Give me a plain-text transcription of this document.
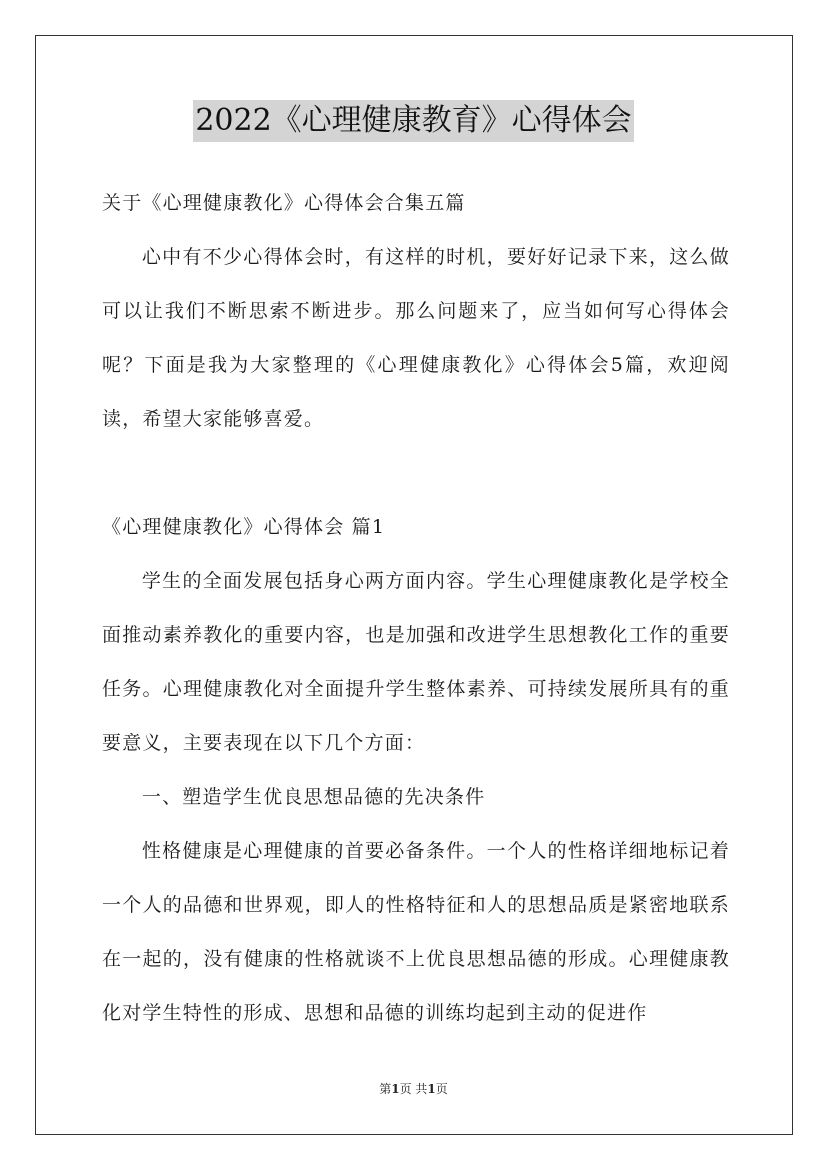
2022《心理健康教育》心得体会

关于《心理健康教化》心得体会合集五篇

心中有不少心得体会时，有这样的时机，要好好记录下来，这么做可以让我们不断思索不断进步。那么问题来了，应当如何写心得体会呢？下面是我为大家整理的《心理健康教化》心得体会5篇，欢迎阅读，希望大家能够喜爱。

《心理健康教化》心得体会 篇1

学生的全面发展包括身心两方面内容。学生心理健康教化是学校全面推动素养教化的重要内容，也是加强和改进学生思想教化工作的重要任务。心理健康教化对全面提升学生整体素养、可持续发展所具有的重要意义，主要表现在以下几个方面：

一、塑造学生优良思想品德的先决条件

性格健康是心理健康的首要必备条件。一个人的性格详细地标记着一个人的品德和世界观，即人的性格特征和人的思想品质是紧密地联系在一起的，没有健康的性格就谈不上优良思想品德的形成。心理健康教化对学生特性的形成、思想和品德的训练均起到主动的促进作

第1页 共1页
